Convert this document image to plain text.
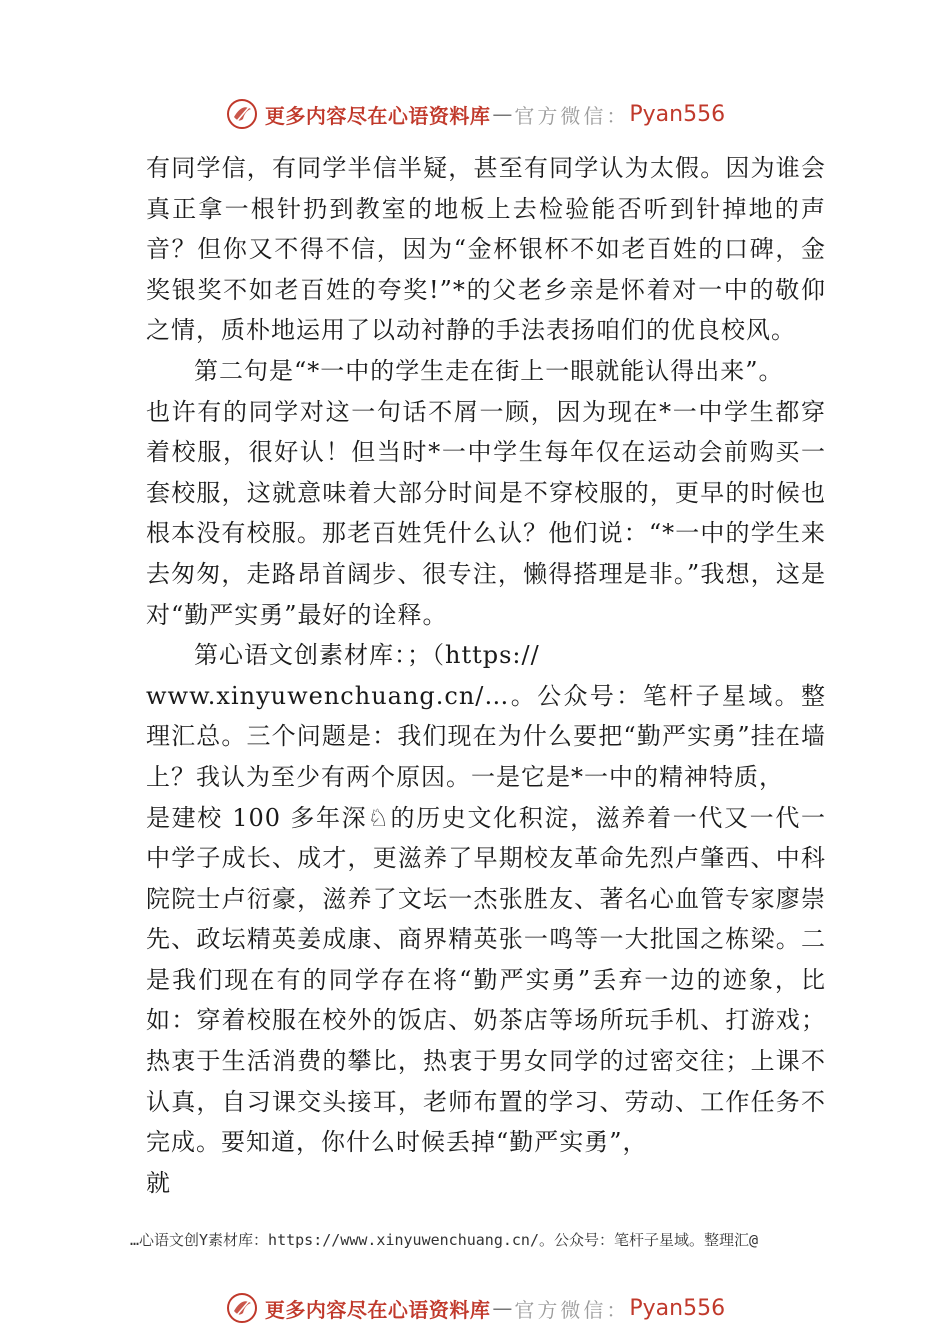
更多内容尽在心语资料库 — 官方微信： Pyan556

有同学信，有同学半信半疑，甚至有同学认为太假。因为谁会真正拿一根针扔到教室的地板上去检验能否听到针掉地的声音？但你又不得不信，因为“金杯银杯不如老百姓的口碑，金奖银奖不如老百姓的夸奖!”*的父老乡亲是怀着对一中的敬仰之情，质朴地运用了以动衬静的手法表扬咱们的优良校风。

第二句是“*一中的学生走在街上一眼就能认得出来”。

也许有的同学对这一句话不屑一顾，因为现在*一中学生都穿着校服，很好认！但当时*一中学生每年仅在运动会前购买一套校服，这就意味着大部分时间是不穿校服的，更早的时候也根本没有校服。那老百姓凭什么认？他们说：“*一中的学生来去匆匆，走路昂首阔步、很专注，懒得搭理是非。”我想，这是对“勤严实勇”最好的诠释。

第心语文创素材库：；（https://

www.xinyuwenchuang.cn/…。公众号：笔杆子星域。整理汇总。三个问题是：我们现在为什么要把“勤严实勇”挂在墙上？我认为至少有两个原因。一是它是*一中的精神特质，

是建校 100 多年深♘的历史文化积淀，滋养着一代又一代一中学子成长、成才，更滋养了早期校友革命先烈卢肇西、中科院院士卢衍豪，滋养了文坛一杰张胜友、著名心血管专家廖崇先、政坛精英姜成康、商界精英张一鸣等一大批国之栋梁。二是我们现在有的同学存在将“勤严实勇”丢弃一边的迹象，比如：穿着校服在校外的饭店、奶茶店等场所玩手机、打游戏；热衷于生活消费的攀比，热衷于男女同学的过密交往；上课不认真，自习课交头接耳，老师布置的学习、劳动、工作任务不完成。要知道，你什么时候丢掉“勤严实勇”，

就

…心语文创Y素材库：https://www.xinyuwenchuang.cn/。公众号：笔杆子星域。整理汇@
更多内容尽在心语资料库 — 官方微信： Pyan556
